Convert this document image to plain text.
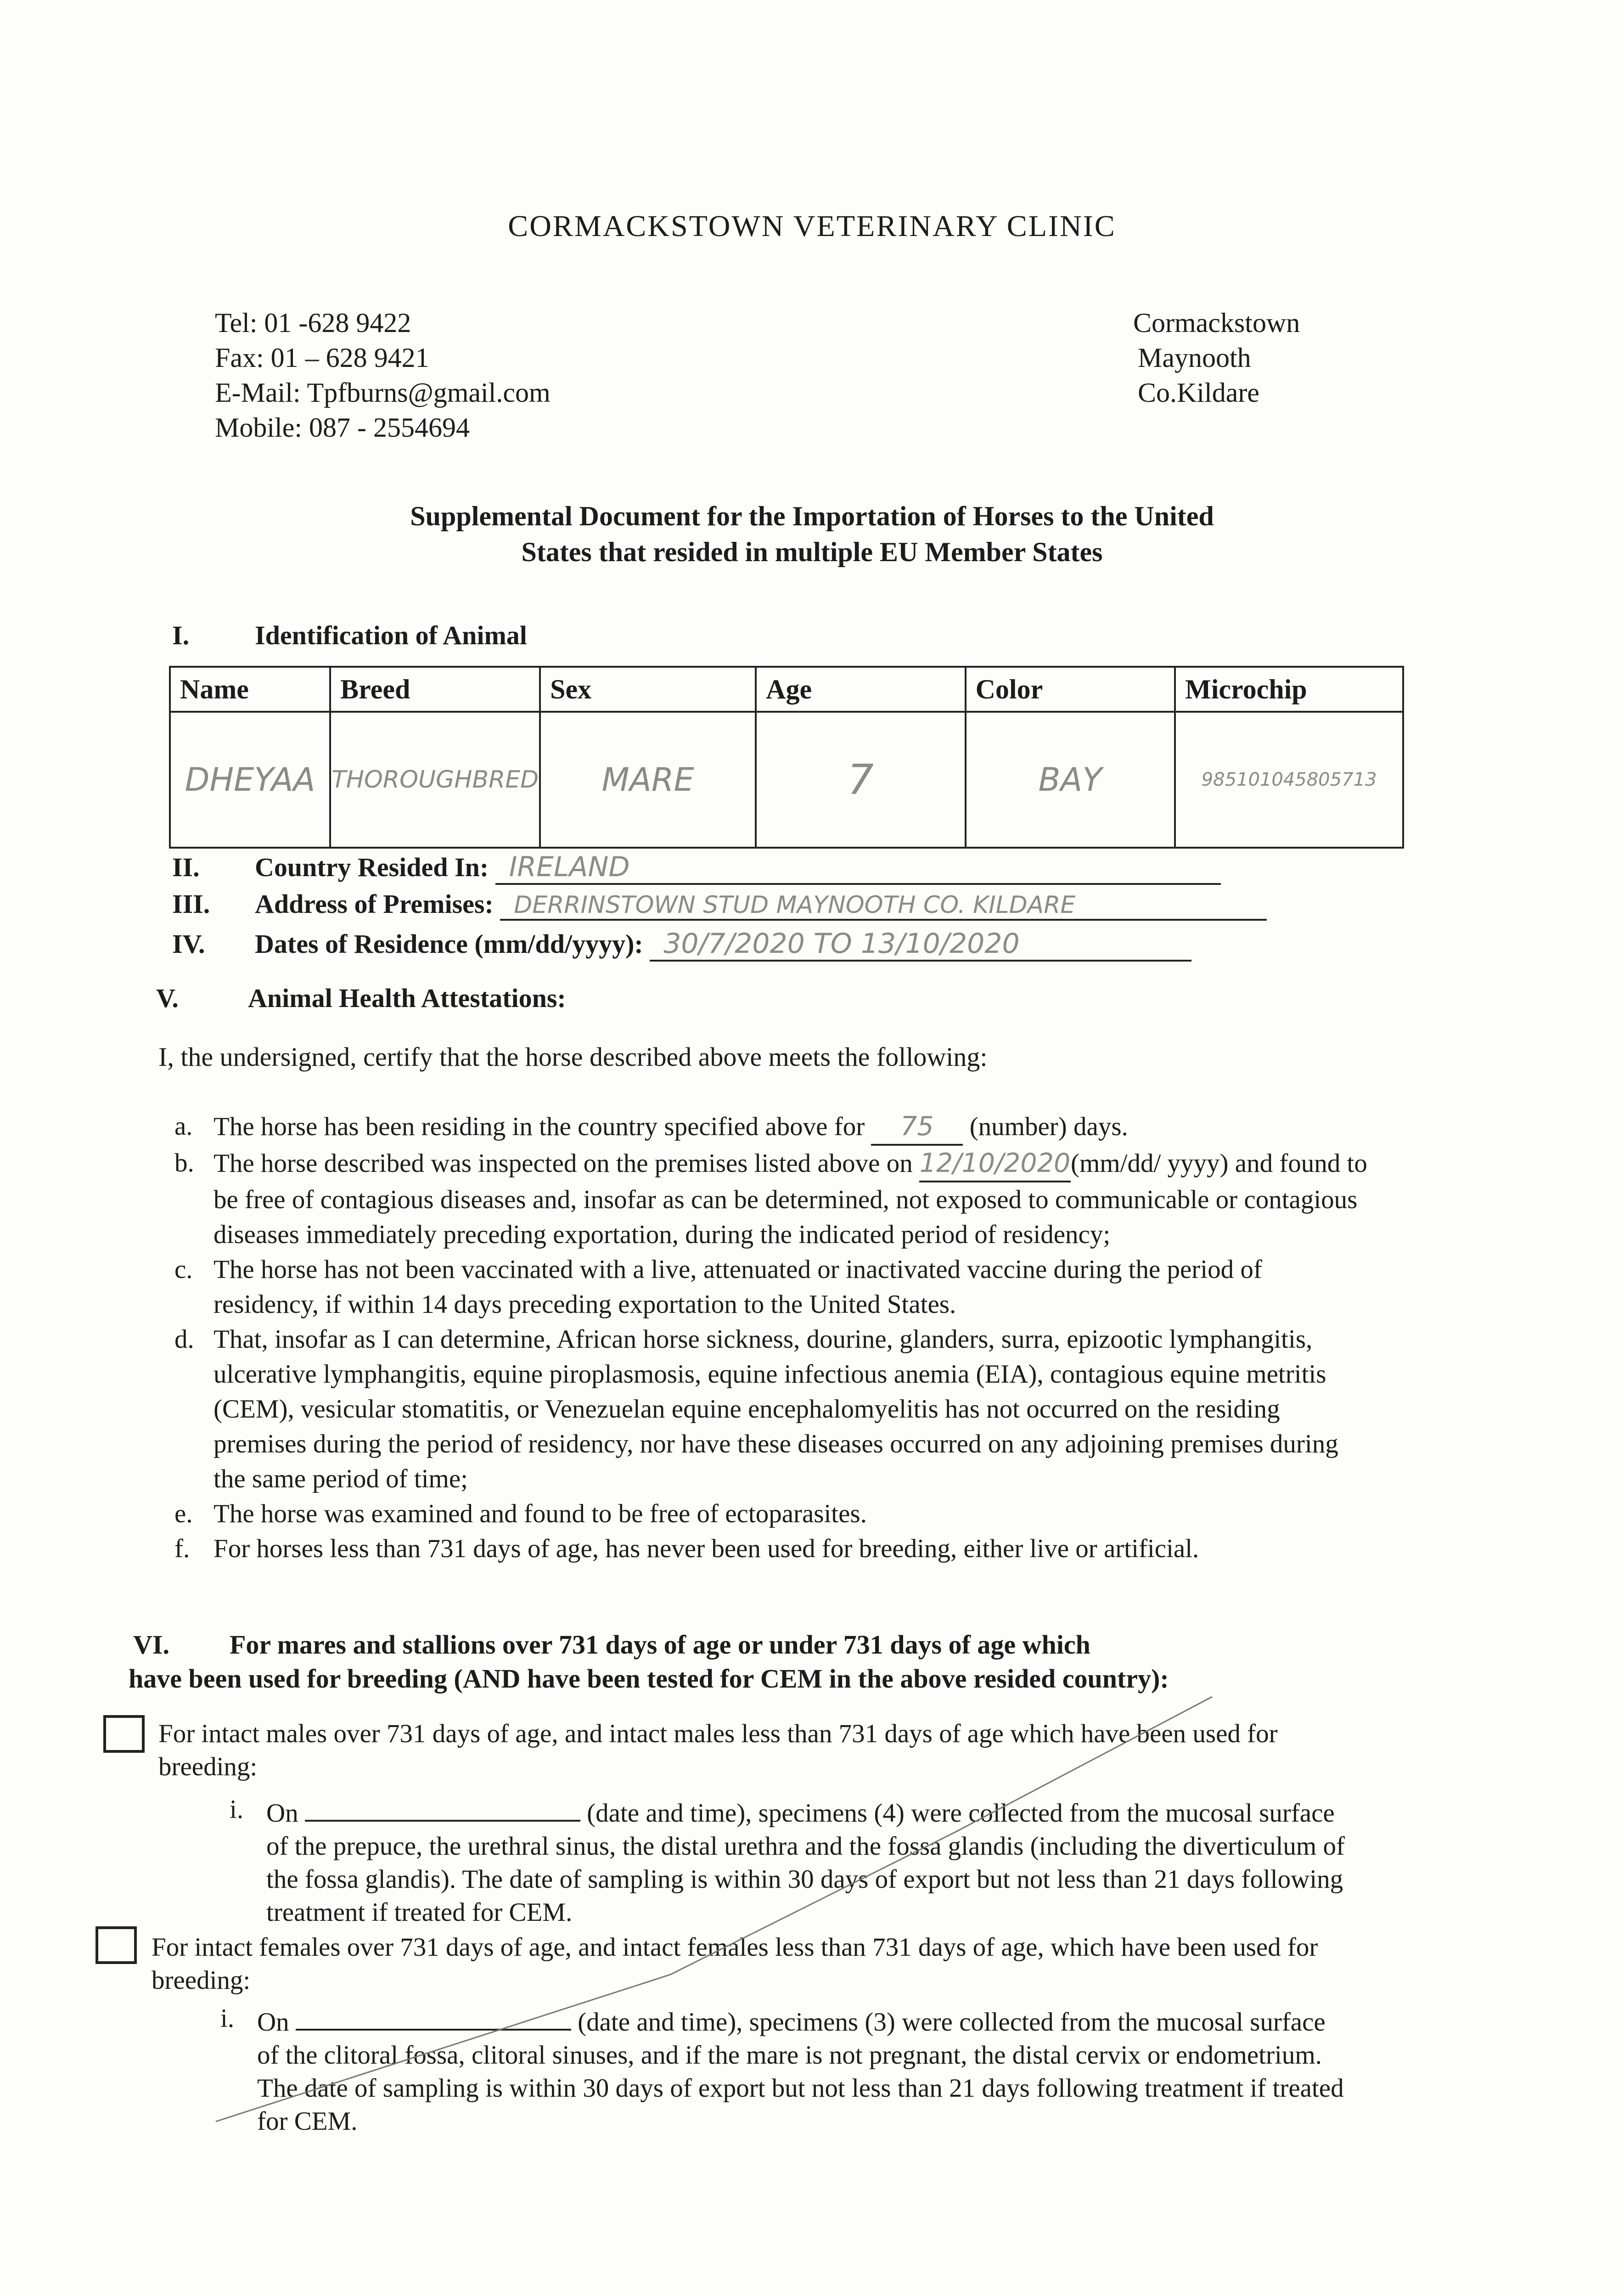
CORMACKSTOWN VETERINARY CLINIC
Tel: 01 -628 9422
Fax: 01 – 628 9421
E-Mail: Tpfburns@gmail.com
Mobile: 087 - 2554694
Cormackstown
Maynooth
Co.Kildare
Supplemental Document for the Importation of Horses to the United
States that resided in multiple EU Member States
I. Identification of Animal
Name	Breed	Sex	Age	Color	Microchip
DHEYAA	THOROUGHBRED	MARE	7	BAY	985101045805713
II. Country Resided In: IRELAND
III. Address of Premises: DERRINSTOWN STUD MAYNOOTH CO. KILDARE
IV. Dates of Residence (mm/dd/yyyy): 30/7/2020 TO 13/10/2020
V.	Animal Health Attestations:
I, the undersigned, certify that the horse described above meets the following:
a. The horse has been residing in the country specified above for 75 (number) days.
b. The horse described was inspected on the premises listed above on 12/10/2020(mm/dd/ yyyy) and found to be free of contagious diseases and, insofar as can be determined, not exposed to communicable or contagious diseases immediately preceding exportation, during the indicated period of residency;
c. The horse has not been vaccinated with a live, attenuated or inactivated vaccine during the period of residency, if within 14 days preceding exportation to the United States.
d. That, insofar as I can determine, African horse sickness, dourine, glanders, surra, epizootic lymphangitis, ulcerative lymphangitis, equine piroplasmosis, equine infectious anemia (EIA), contagious equine metritis (CEM), vesicular stomatitis, or Venezuelan equine encephalomyelitis has not occurred on the residing premises during the period of residency, nor have these diseases occurred on any adjoining premises during the same period of time;
e. The horse was examined and found to be free of ectoparasites.
f. For horses less than 731 days of age, has never been used for breeding, either live or artificial.
VI. For mares and stallions over 731 days of age or under 731 days of age which
have been used for breeding (AND have been tested for CEM in the above resided country):
For intact males over 731 days of age, and intact males less than 731 days of age which have been used for breeding:
i. On	(date and time), specimens (4) were collected from the mucosal surface of the prepuce, the urethral sinus, the distal urethra and the fossa glandis (including the diverticulum of the fossa glandis). The date of sampling is within 30 days of export but not less than 21 days following treatment if treated for CEM.
For intact females over 731 days of age, and intact females less than 731 days of age, which have been used for breeding:
i. On	(date and time), specimens (3) were collected from the mucosal surface of the clitoral fossa, clitoral sinuses, and if the mare is not pregnant, the distal cervix or endometrium. The date of sampling is within 30 days of export but not less than 21 days following treatment if treated for CEM.
